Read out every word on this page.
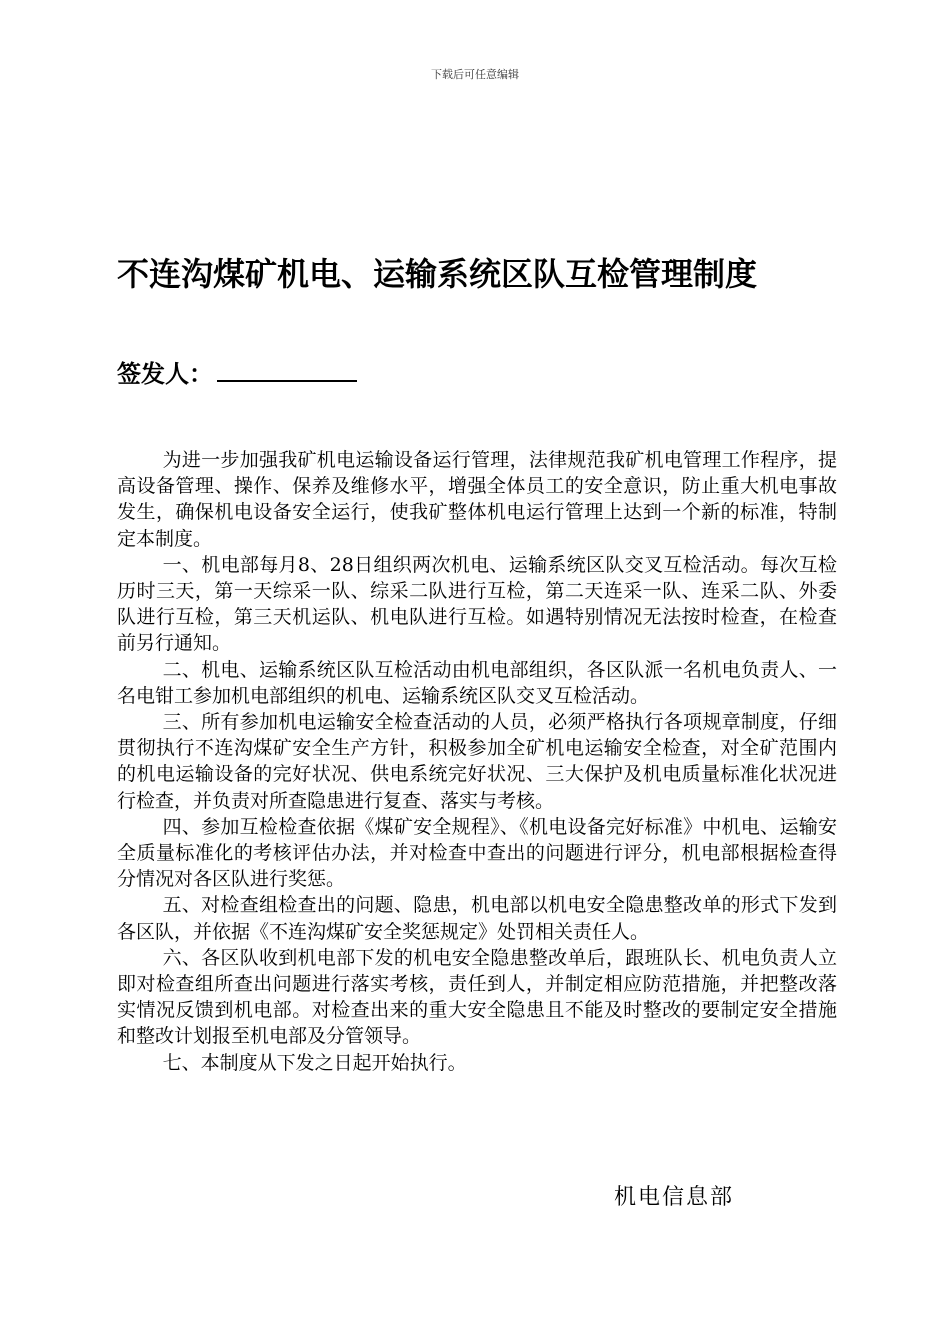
下载后可任意编辑
不连沟煤矿机电、运输系统区队互检管理制度
签发人：

为进一步加强我矿机电运输设备运行管理，法律规范我矿机电管理工作程序，提高设备管理、操作、保养及维修水平，增强全体员工的安全意识，防止重大机电事故发生，确保机电设备安全运行，使我矿整体机电运行管理上达到一个新的标准，特制定本制度。

一、机电部每月8、28日组织两次机电、运输系统区队交叉互检活动。每次互检历时三天，第一天综采一队、综采二队进行互检，第二天连采一队、连采二队、外委队进行互检，第三天机运队、机电队进行互检。如遇特别情况无法按时检查，在检查前另行通知。

二、机电、运输系统区队互检活动由机电部组织，各区队派一名机电负责人、一名电钳工参加机电部组织的机电、运输系统区队交叉互检活动。

三、所有参加机电运输安全检查活动的人员，必须严格执行各项规章制度，仔细贯彻执行不连沟煤矿安全生产方针，积极参加全矿机电运输安全检查，对全矿范围内的机电运输设备的完好状况、供电系统完好状况、三大保护及机电质量标准化状况进行检查，并负责对所查隐患进行复查、落实与考核。

四、参加互检检查依据《煤矿安全规程》、《机电设备完好标准》中机电、运输安全质量标准化的考核评估办法，并对检查中查出的问题进行评分，机电部根据检查得分情况对各区队进行奖惩。

五、对检查组检查出的问题、隐患，机电部以机电安全隐患整改单的形式下发到各区队，并依据《不连沟煤矿安全奖惩规定》处罚相关责任人。

六、各区队收到机电部下发的机电安全隐患整改单后，跟班队长、机电负责人立即对检查组所查出问题进行落实考核，责任到人，并制定相应防范措施，并把整改落实情况反馈到机电部。对检查出来的重大安全隐患且不能及时整改的要制定安全措施和整改计划报至机电部及分管领导。

七、本制度从下发之日起开始执行。

机电信息部
